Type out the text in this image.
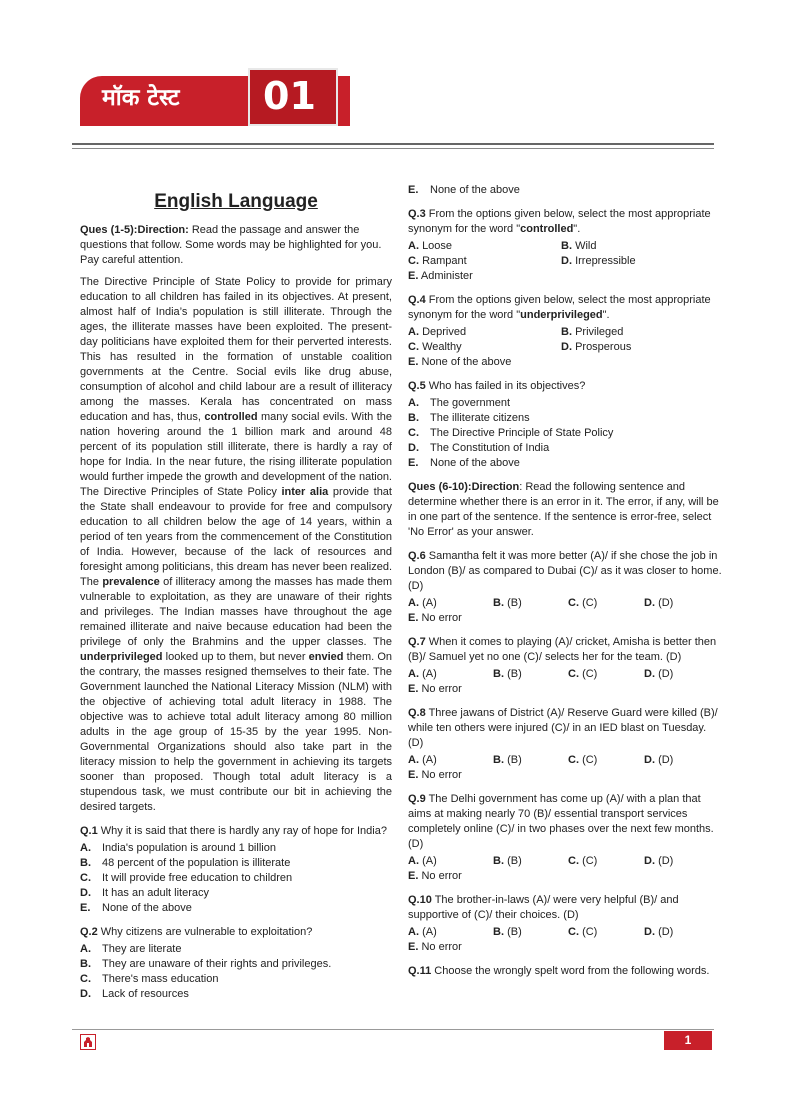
मॉक टेस्ट 01
English Language

Ques (1-5):Direction: Read the passage and answer the questions that follow. Some words may be highlighted for you. Pay careful attention.

The Directive Principle of State Policy to provide for primary education to all children has failed in its objectives. At present, almost half of India’s population is still illiterate. Through the ages, the illiterate masses have been exploited. The present-day politicians have exploited them for their perverted interests. This has resulted in the formation of unstable coalition governments at the Centre. Social evils like drug abuse, consumption of alcohol and child labour are a result of illiteracy among the masses. Kerala has concentrated on mass education and has, thus, controlled many social evils. With the nation hovering around the 1 billion mark and around 48 percent of its population still illiterate, there is hardly a ray of hope for India. In the near future, the rising illiterate population would further impede the growth and development of the nation. The Directive Principles of State Policy inter alia provide that the State shall endeavour to provide for free and compulsory education to all children below the age of 14 years, within a period of ten years from the commencement of the Constitution of India. However, because of the lack of resources and foresight among politicians, this dream has never been realized. The prevalence of illiteracy among the masses has made them vulnerable to exploitation, as they are unaware of their rights and privileges. The Indian masses have throughout the age remained illiterate and naive because education had been the privilege of only the Brahmins and the upper classes. The underprivileged looked up to them, but never envied them. On the contrary, the masses resigned themselves to their fate. The Government launched the National Literacy Mission (NLM) with the objective of achieving total adult literacy in 1988. The objective was to achieve total adult literacy among 80 million adults in the age group of 15-35 by the year 1995. Non-Governmental Organizations should also take part in the literacy mission to help the government in achieving its targets sooner than proposed. Though total adult literacy is a stupendous task, we must contribute our bit in achieving the desired targets.

Q.1 Why it is said that there is hardly any ray of hope for India?
A.	India's population is around 1 billion
B.	48 percent of the population is illiterate
C.	It will provide free education to children
D.	It has an adult literacy
E.	None of the above
Q.2 Why citizens are vulnerable to exploitation?
A.	They are literate
B.	They are unaware of their rights and privileges.
C.	There's mass education
D.	Lack of resources
E.	None of the above
Q.3 From the options given below, select the most appropriate synonym for the word "controlled".
A. Loose	B. Wild
C. Rampant	D. Irrepressible
E. Administer
Q.4 From the options given below, select the most appropriate synonym for the word "underprivileged".
A. Deprived	B. Privileged
C. Wealthy	D. Prosperous
E. None of the above
Q.5 Who has failed in its objectives?
A.	The government
B.	The illiterate citizens
C.	The Directive Principle of State Policy
D.	The Constitution of India
E.	None of the above
Ques (6-10):Direction: Read the following sentence and determine whether there is an error in it. The error, if any, will be in one part of the sentence. If the sentence is error-free, select 'No Error' as your answer.
Q.6 Samantha felt it was more better (A)/ if she chose the job in London (B)/ as compared to Dubai (C)/ as it was closer to home. (D)
A. (A)	B. (B)	C. (C)	D. (D)
E. No error
Q.7 When it comes to playing (A)/ cricket, Amisha is better then (B)/ Samuel yet no one (C)/ selects her for the team. (D)
A. (A)	B. (B)	C. (C)	D. (D)
E. No error
Q.8 Three jawans of District (A)/ Reserve Guard were killed (B)/ while ten others were injured (C)/ in an IED blast on Tuesday. (D)
A. (A)	B. (B)	C. (C)	D. (D)
E. No error
Q.9 The Delhi government has come up (A)/ with a plan that aims at making nearly 70 (B)/ essential transport services completely online (C)/ in two phases over the next few months. (D)
A. (A)	B. (B)	C. (C)	D. (D)
E. No error
Q.10 The brother-in-laws (A)/ were very helpful (B)/ and supportive of (C)/ their choices. (D)
A. (A)	B. (B)	C. (C)	D. (D)
E. No error
Q.11 Choose the wrongly spelt word from the following words.
1
